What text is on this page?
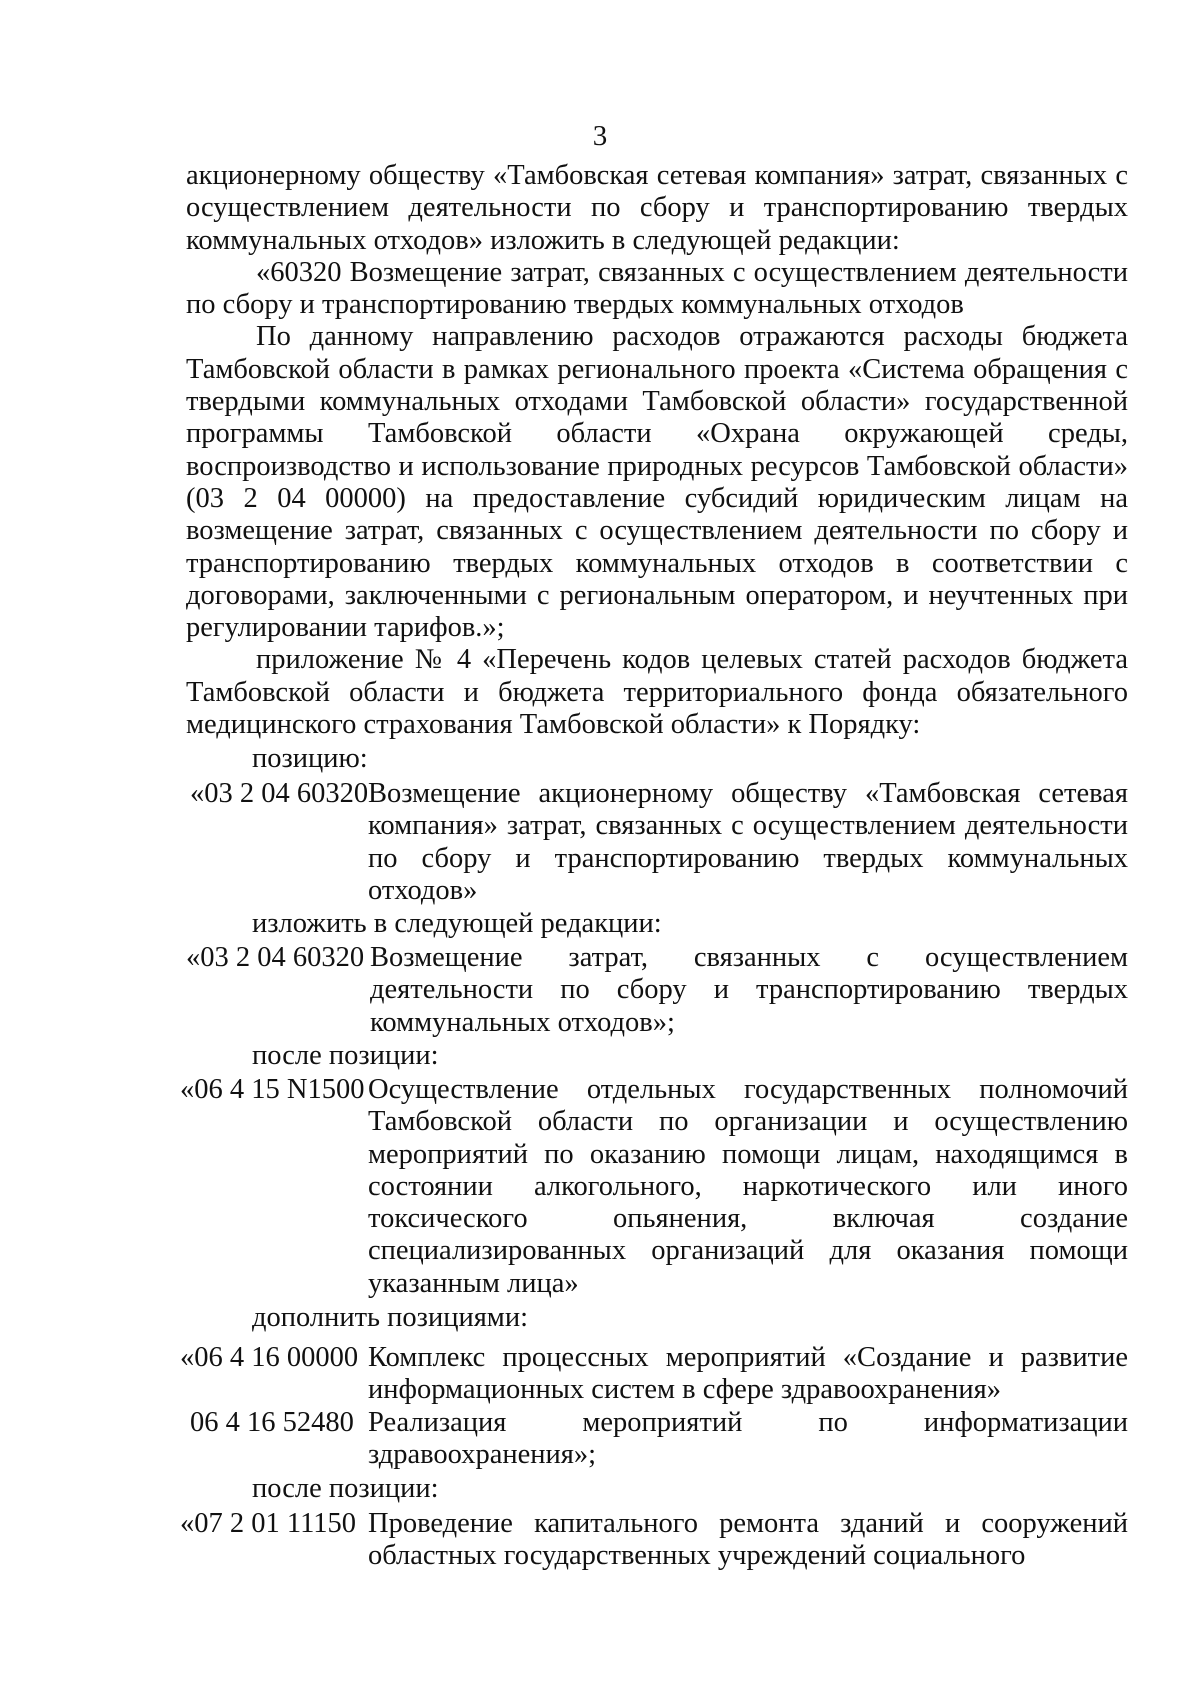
3

акционерному обществу «Тамбовская сетевая компания» затрат, связанных с осуществлением деятельности по сбору и транспортированию твердых коммунальных отходов» изложить в следующей редакции:

«60320 Возмещение затрат, связанных с осуществлением деятельности по сбору и транспортированию твердых коммунальных отходов

По данному направлению расходов отражаются расходы бюджета Тамбовской области в рамках регионального проекта «Система обращения с твердыми коммунальных отходами Тамбовской области» государственной программы Тамбовской области «Охрана окружающей среды, воспроизводство и использование природных ресурсов Тамбовской области» (03 2 04 00000) на предоставление субсидий юридическим лицам на возмещение затрат, связанных с осуществлением деятельности по сбору и транспортированию твердых коммунальных отходов в соответствии с договорами, заключенными с региональным оператором, и неучтенных при регулировании тарифов.»;

приложение № 4 «Перечень кодов целевых статей расходов бюджета Тамбовской области и бюджета территориального фонда обязательного медицинского страхования Тамбовской области» к Порядку:

позицию:

«03 2 04 60320 Возмещение акционерному обществу «Тамбовская сетевая компания» затрат, связанных с осуществлением деятельности по сбору и транспортированию твердых коммунальных отходов»

изложить в следующей редакции:

«03 2 04 60320 Возмещение затрат, связанных с осуществлением деятельности по сбору и транспортированию твердых коммунальных отходов»;

после позиции:

«06 4 15 N1500 Осуществление отдельных государственных полномочий Тамбовской области по организации и осуществлению мероприятий по оказанию помощи лицам, находящимся в состоянии алкогольного, наркотического или иного токсического опьянения, включая создание специализированных организаций для оказания помощи указанным лица»

дополнить позициями:

«06 4 16 00000 Комплекс процессных мероприятий «Создание и развитие информационных систем в сфере здравоохранения»
06 4 16 52480 Реализация мероприятий по информатизации здравоохранения»;

после позиции:

«07 2 01 11150 Проведение капитального ремонта зданий и сооружений областных государственных учреждений социального
